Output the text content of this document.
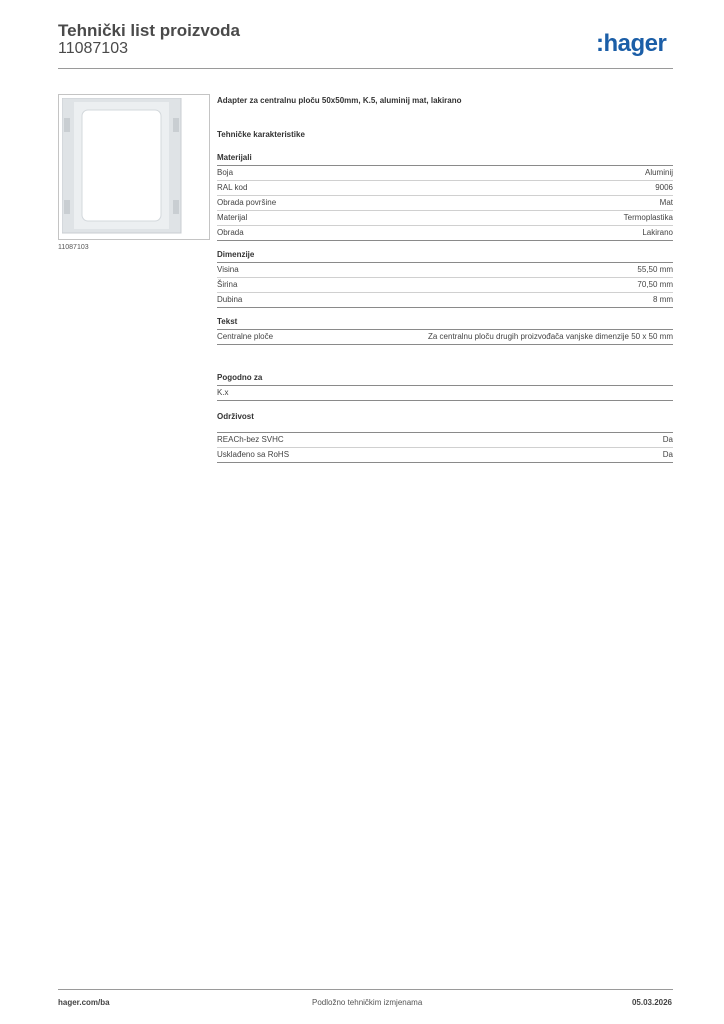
Tehnički list proizvoda
11087103	:hager
11087103
Adapter za centralnu ploču 50x50mm, K.5, aluminij mat, lakirano
Tehničke karakteristike
Materijali
Boja	Aluminij
RAL kod	9006
Obrada površine	Mat
Materijal	Termoplastika
Obrada	Lakirano
Dimenzije
Visina	55,50 mm
Širina	70,50 mm
Dubina	8 mm
Tekst
Centralne ploče	Za centralnu ploču drugih proizvođača vanjske dimenzije 50 x 50 mm
Pogodno za
K.x
Održivost
REACh-bez SVHC	Da
Usklađeno sa RoHS	Da
hager.com/ba	Podložno tehničkim izmjenama	05.03.2026
